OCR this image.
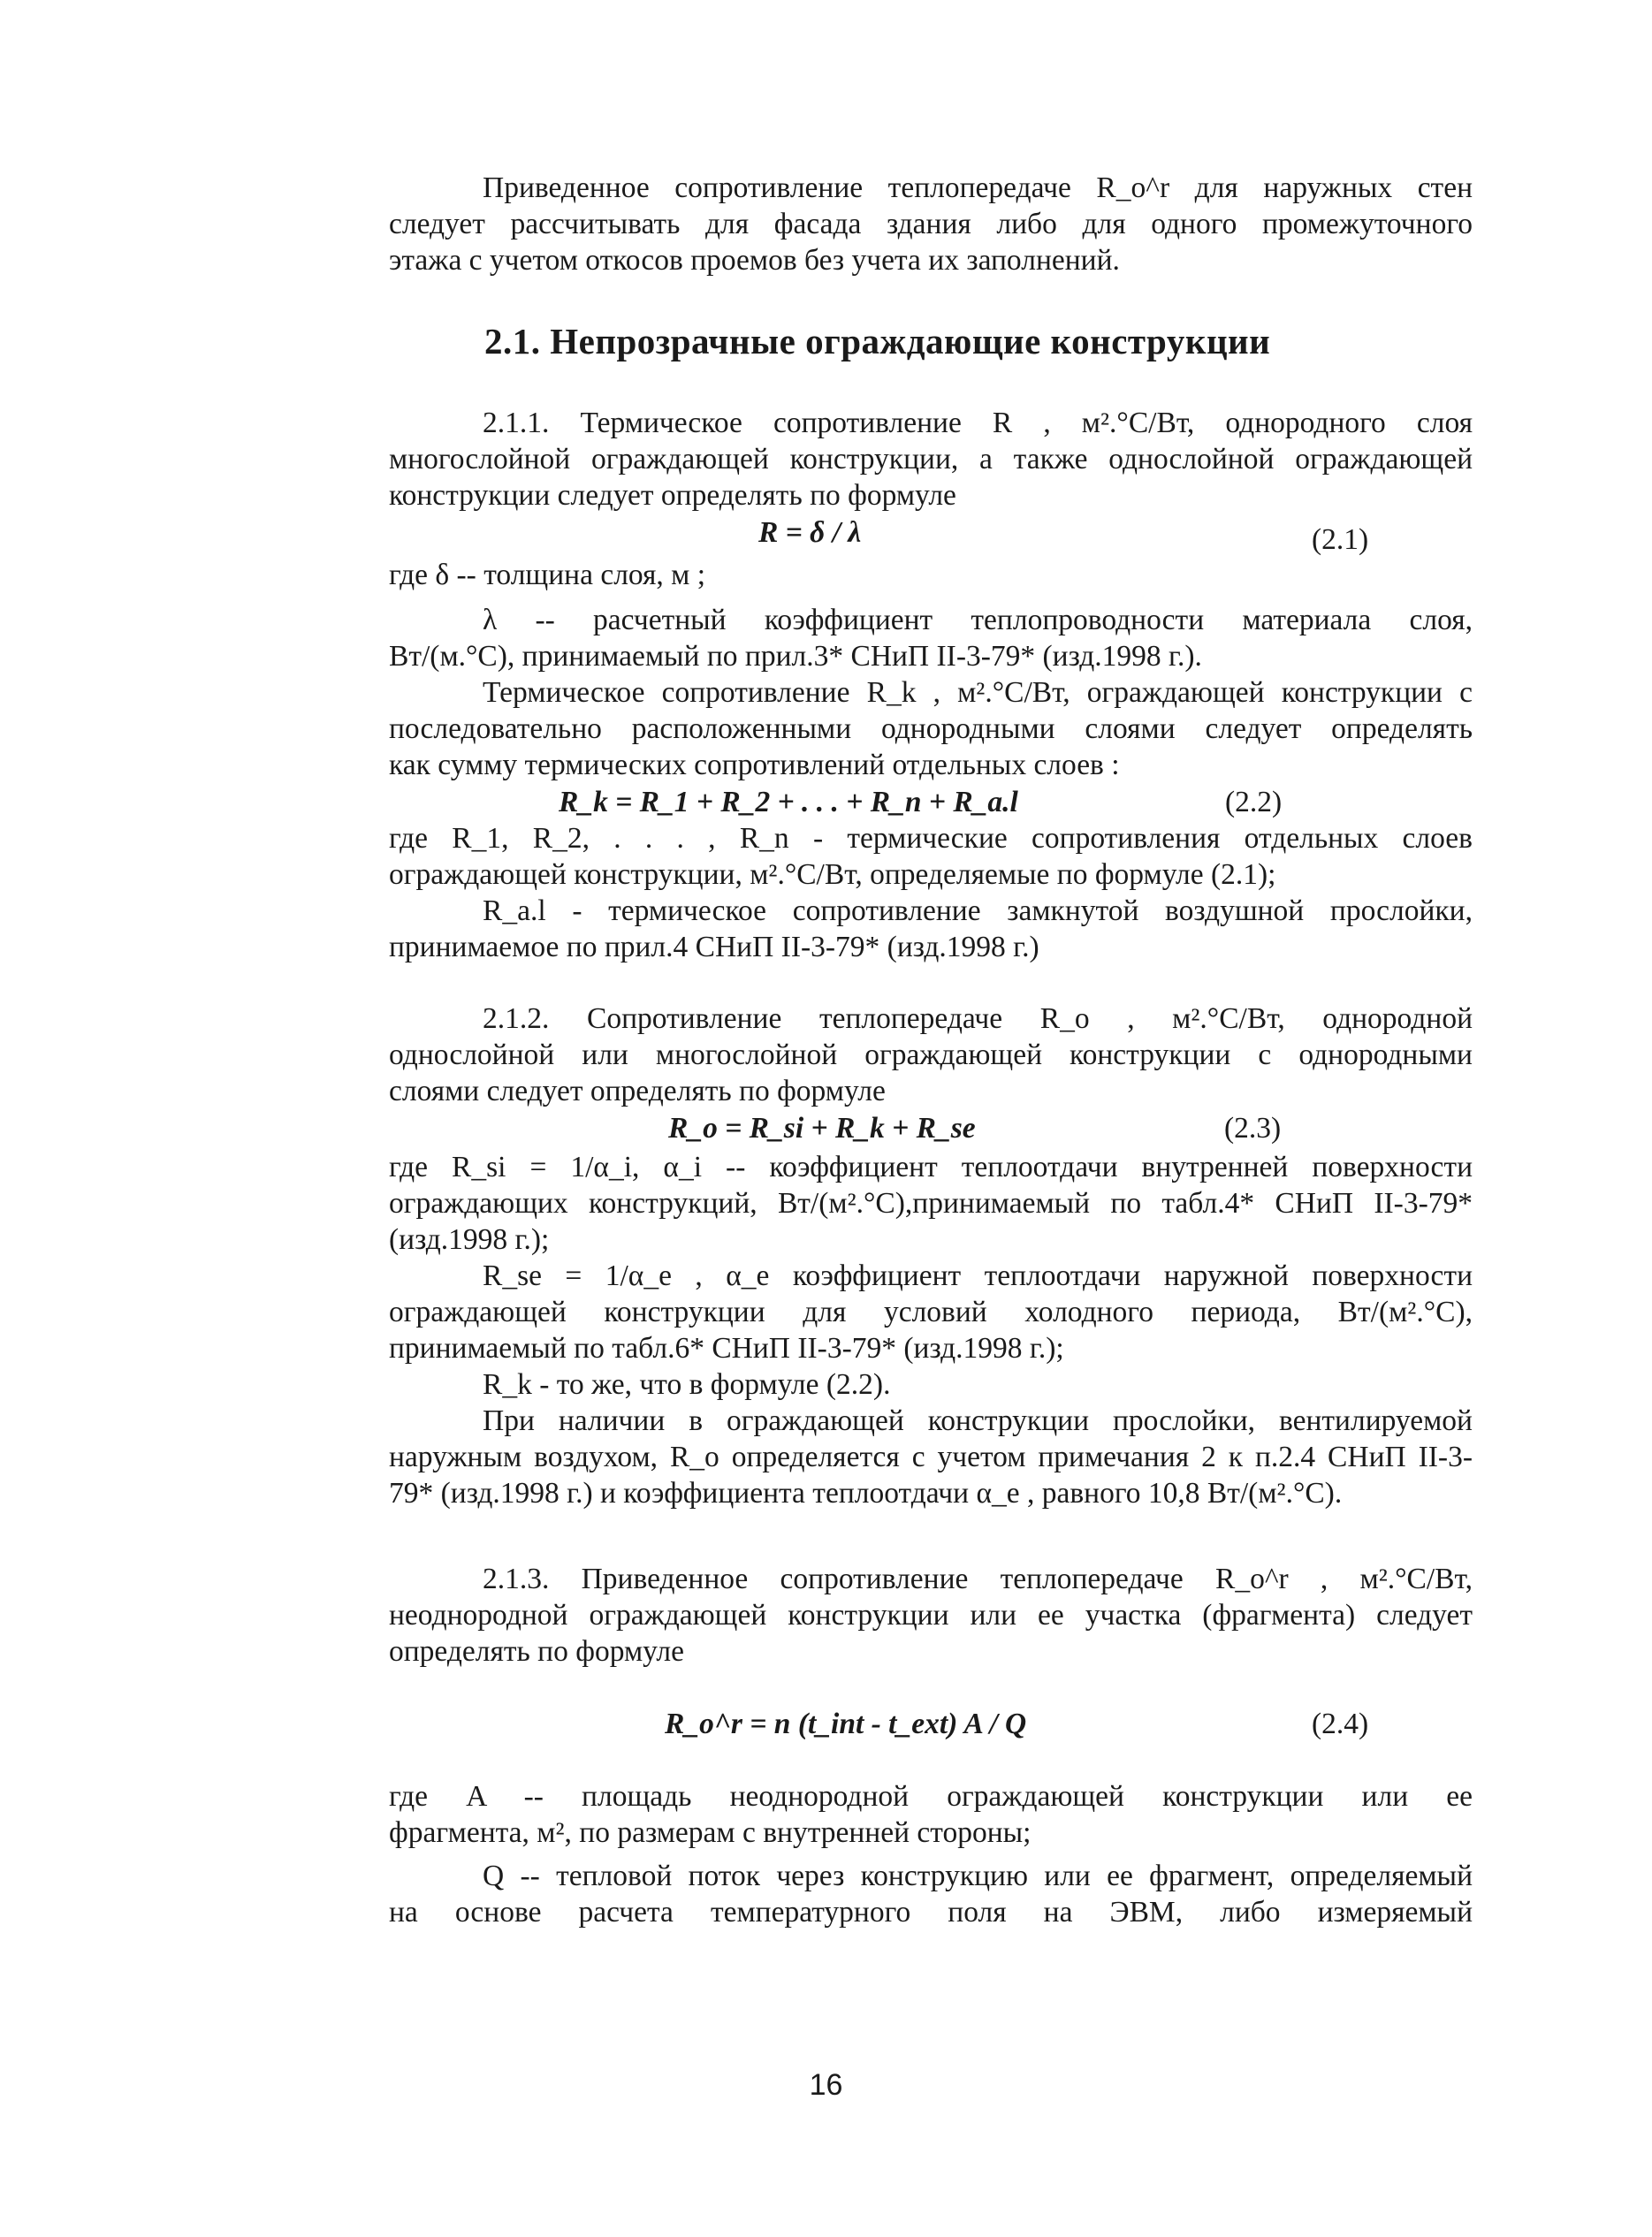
Приведенное сопротивление теплопередаче R_o^r для наружных стен

следует рассчитывать для фасада здания либо для одного промежуточного

этажа с учетом откосов проемов без учета их заполнений.

2.1. Непрозрачные ограждающие конструкции

2.1.1. Термическое сопротивление R , м².°С/Вт, однородного слоя

многослойной ограждающей конструкции, а также однослойной ограждающей

конструкции следует определять по формуле

R = δ / λ	(2.1)

где δ -- толщина слоя, м ;

λ -- расчетный коэффициент теплопроводности материала слоя,

Вт/(м.°С), принимаемый по прил.3* СНиП II-3-79* (изд.1998 г.).

Термическое сопротивление R_k , м².°С/Вт, ограждающей конструкции с

последовательно расположенными однородными слоями следует определять

как сумму термических сопротивлений отдельных слоев :

R_k = R_1 + R_2 + . . . + R_n + R_a.l	(2.2)

где R_1, R_2, . . . , R_n - термические сопротивления отдельных слоев

ограждающей конструкции, м².°С/Вт, определяемые по формуле (2.1);

R_a.l - термическое сопротивление замкнутой воздушной прослойки,

принимаемое по прил.4 СНиП II-3-79* (изд.1998 г.)

2.1.2. Сопротивление теплопередаче R_o , м².°С/Вт, однородной

однослойной или многослойной ограждающей конструкции с однородными

слоями следует определять по формуле

R_o = R_si + R_k + R_se	(2.3)

где R_si = 1/α_i, α_i -- коэффициент теплоотдачи внутренней поверхности

ограждающих конструкций, Вт/(м².°С),принимаемый по табл.4* СНиП II-3-79*

(изд.1998 г.);

R_se = 1/α_e , α_e коэффициент теплоотдачи наружной поверхности

ограждающей конструкции для условий холодного периода, Вт/(м².°С),

принимаемый по табл.6* СНиП II-3-79* (изд.1998 г.);

R_k - то же, что в формуле (2.2).

При наличии в ограждающей конструкции прослойки, вентилируемой

наружным воздухом, R_o определяется с учетом примечания 2 к п.2.4 СНиП II-3-

79* (изд.1998 г.) и коэффициента теплоотдачи α_e , равного 10,8 Вт/(м².°С).

2.1.3. Приведенное сопротивление теплопередаче R_o^r , м².°С/Вт,

неоднородной ограждающей конструкции или ее участка (фрагмента) следует

определять по формуле

R_o^r = n (t_int - t_ext) A / Q	(2.4)

где A -- площадь неоднородной ограждающей конструкции или ее

фрагмента, м², по размерам с внутренней стороны;

Q -- тепловой поток через конструкцию или ее фрагмент, определяемый

на основе расчета температурного поля на ЭВМ, либо измеряемый

16
